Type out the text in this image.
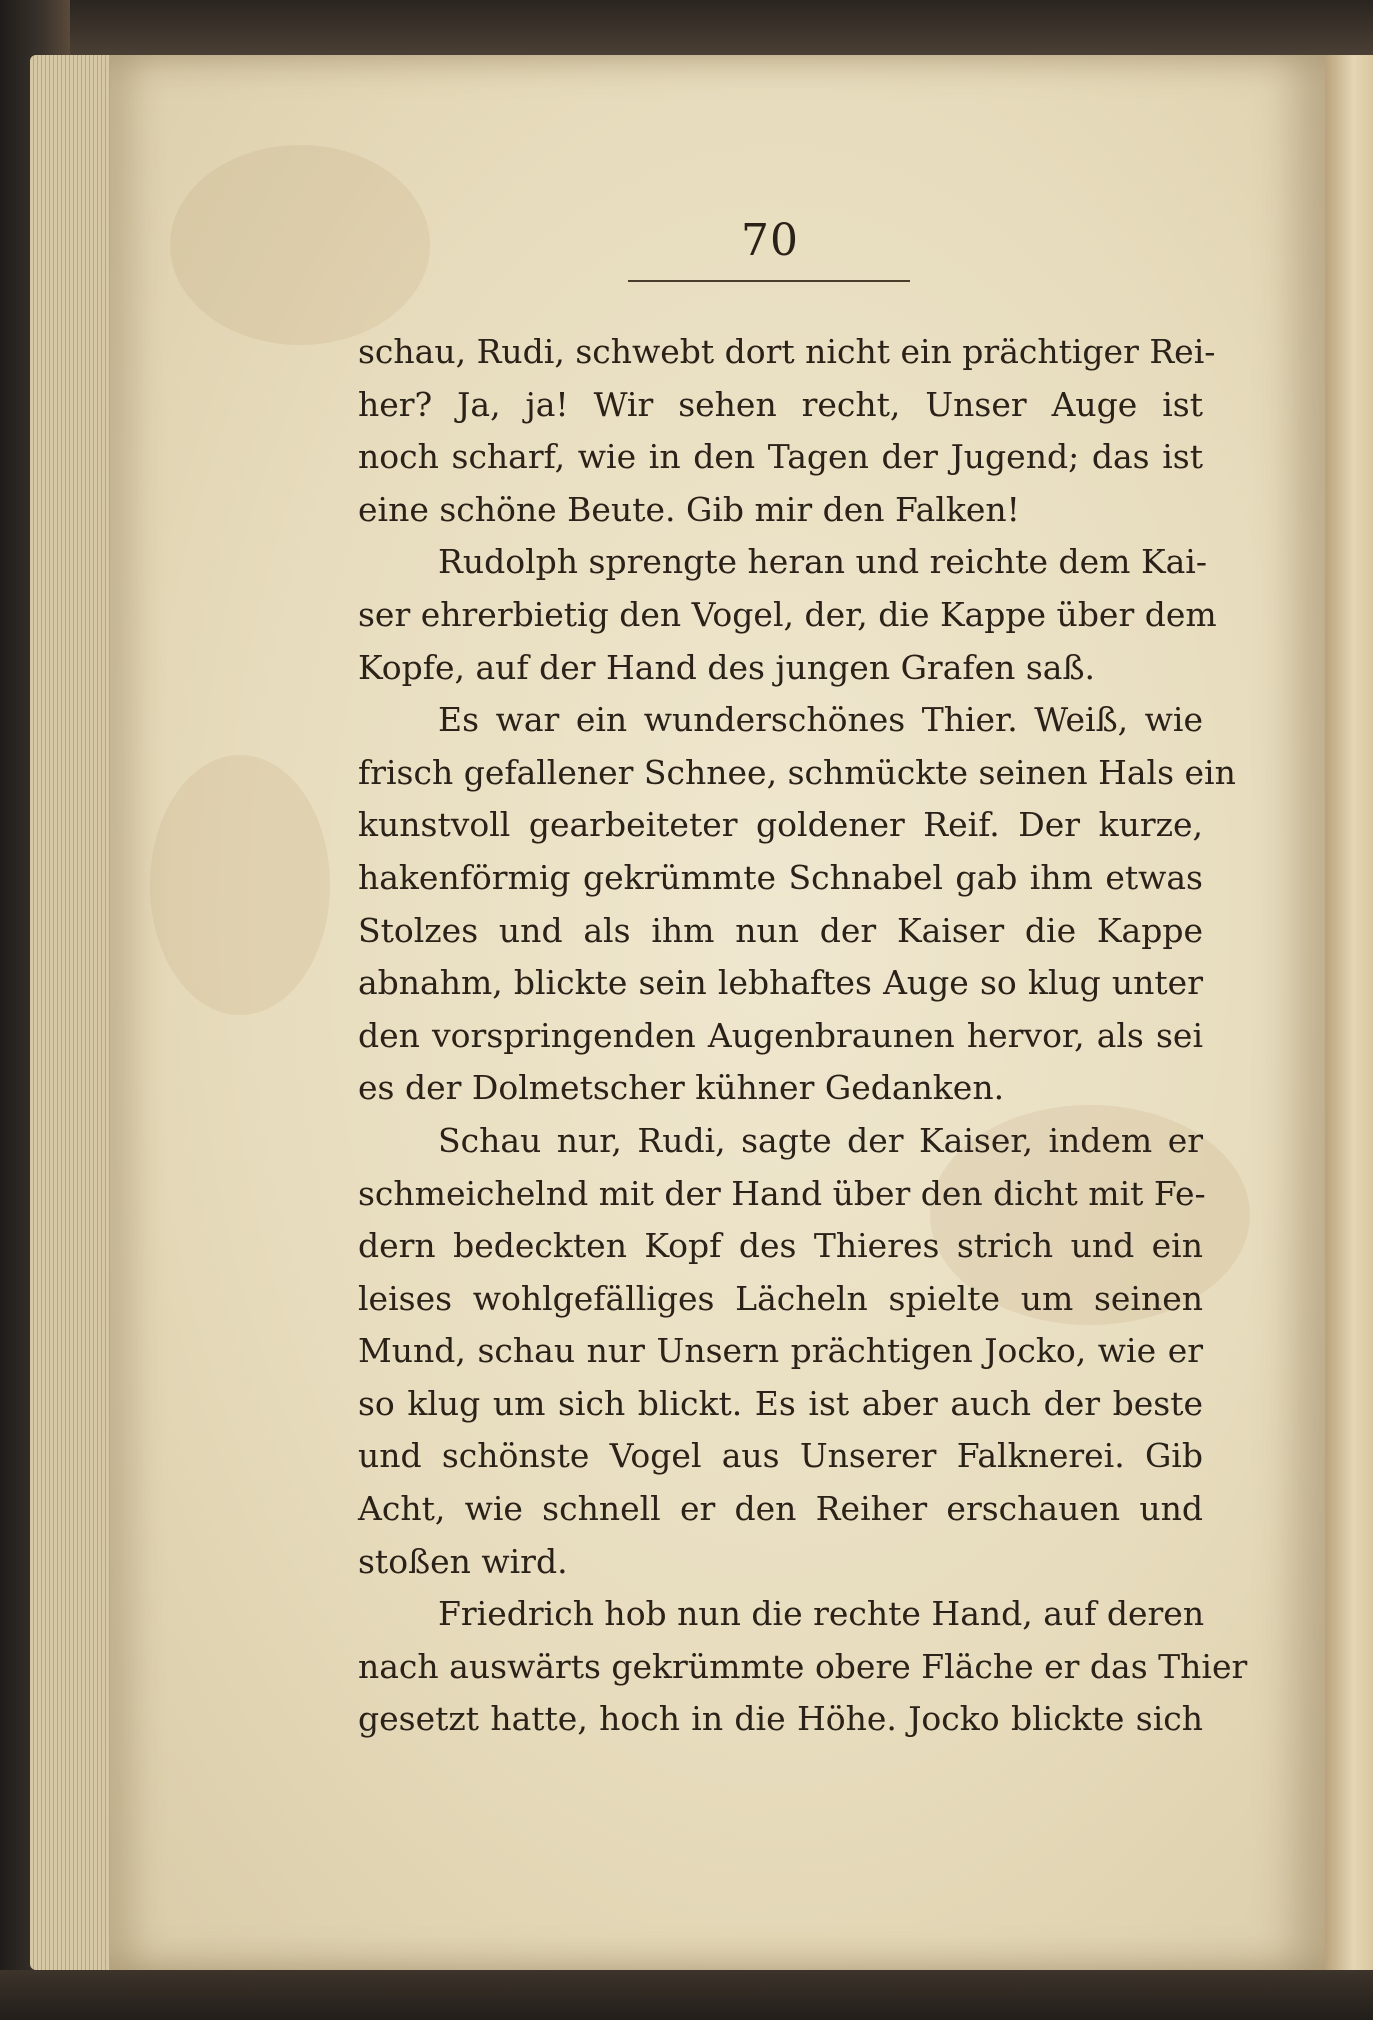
70
schau, Rudi, schwebt dort nicht ein prächtiger Rei-
her? Ja, ja! Wir sehen recht, Unser Auge ist
noch scharf, wie in den Tagen der Jugend; das ist
eine schöne Beute. Gib mir den Falken!
Rudolph sprengte heran und reichte dem Kai-
ser ehrerbietig den Vogel, der, die Kappe über dem
Kopfe, auf der Hand des jungen Grafen saß.
Es war ein wunderschönes Thier. Weiß, wie
frisch gefallener Schnee, schmückte seinen Hals ein
kunstvoll gearbeiteter goldener Reif. Der kurze,
hakenförmig gekrümmte Schnabel gab ihm etwas
Stolzes und als ihm nun der Kaiser die Kappe
abnahm, blickte sein lebhaftes Auge so klug unter
den vorspringenden Augenbraunen hervor, als sei
es der Dolmetscher kühner Gedanken.
Schau nur, Rudi, sagte der Kaiser, indem er
schmeichelnd mit der Hand über den dicht mit Fe-
dern bedeckten Kopf des Thieres strich und ein
leises wohlgefälliges Lächeln spielte um seinen
Mund, schau nur Unsern prächtigen Jocko, wie er
so klug um sich blickt. Es ist aber auch der beste
und schönste Vogel aus Unserer Falknerei. Gib
Acht, wie schnell er den Reiher erschauen und
stoßen wird.
Friedrich hob nun die rechte Hand, auf deren
nach auswärts gekrümmte obere Fläche er das Thier
gesetzt hatte, hoch in die Höhe. Jocko blickte sich
